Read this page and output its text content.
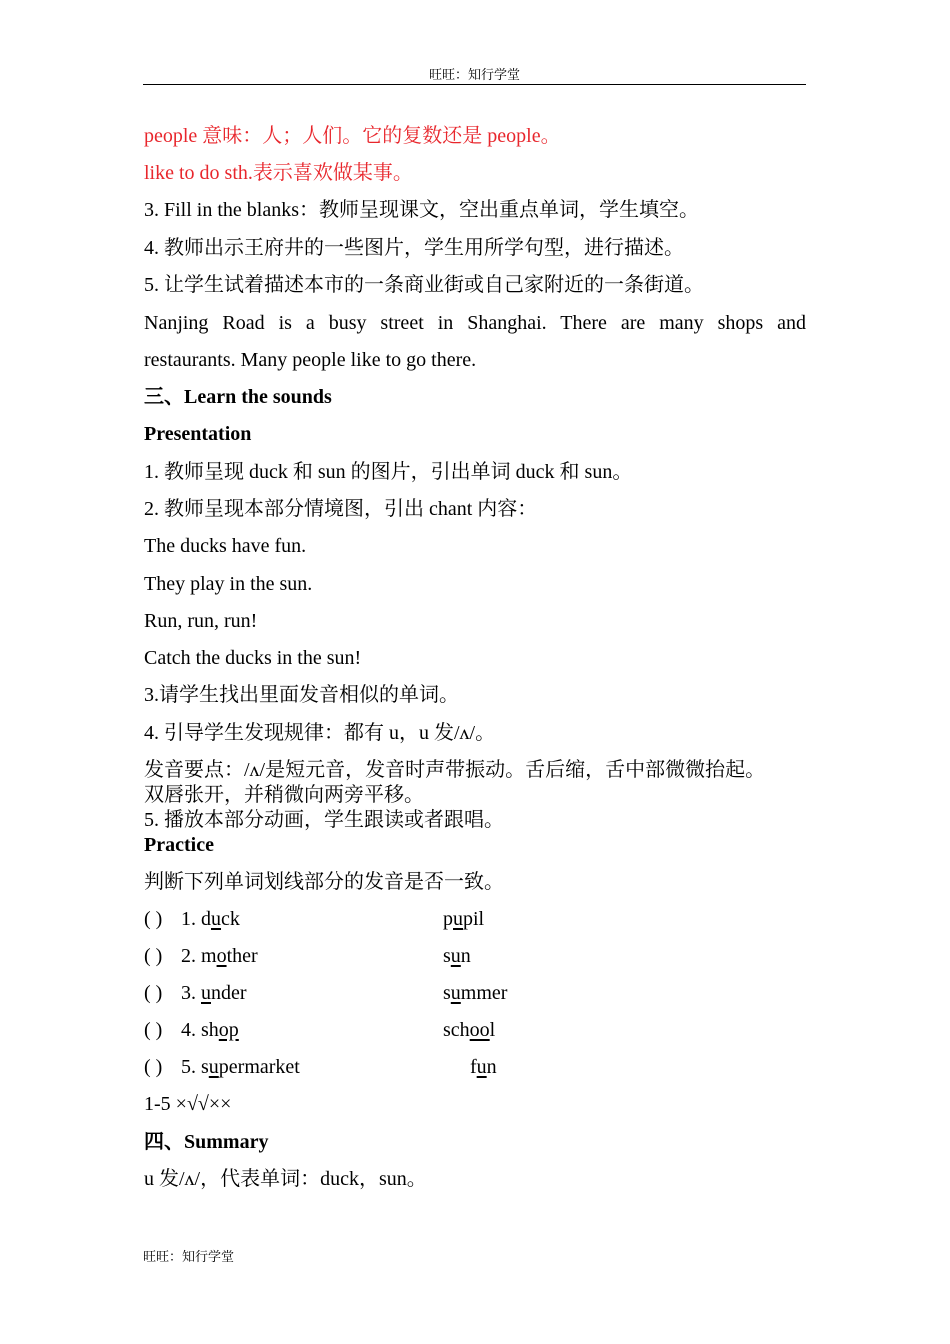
旺旺：知行学堂
people 意味：人；人们。它的复数还是 people。
like to do sth.表示喜欢做某事。
3. Fill in the blanks：教师呈现课文，空出重点单词，学生填空。
4. 教师出示王府井的一些图片，学生用所学句型，进行描述。
5. 让学生试着描述本市的一条商业街或自己家附近的一条街道。
Nanjing Road is a busy street in Shanghai. There are many shops and
restaurants. Many people like to go there.
三、Learn the sounds
Presentation
1. 教师呈现 duck 和 sun 的图片，引出单词 duck 和 sun。
2. 教师呈现本部分情境图，引出 chant 内容：
The ducks have fun.
They play in the sun.
Run, run, run!
Catch the ducks in the sun!
3.请学生找出里面发音相似的单词。
4. 引导学生发现规律：都有 u，u 发/ʌ/。
发音要点：/ʌ/是短元音，发音时声带振动。舌后缩，舌中部微微抬起。
双唇张开，并稍微向两旁平移。
5. 播放本部分动画，学生跟读或者跟唱。
Practice
判断下列单词划线部分的发音是否一致。
( ) 1. duck	pupil
( ) 2. mother	sun
( ) 3. under	summer
( ) 4. shop	school
( ) 5. supermarket	fun
1-5 ×√√××
四、Summary
u 发/ʌ/，代表单词：duck，sun。
旺旺：知行学堂
